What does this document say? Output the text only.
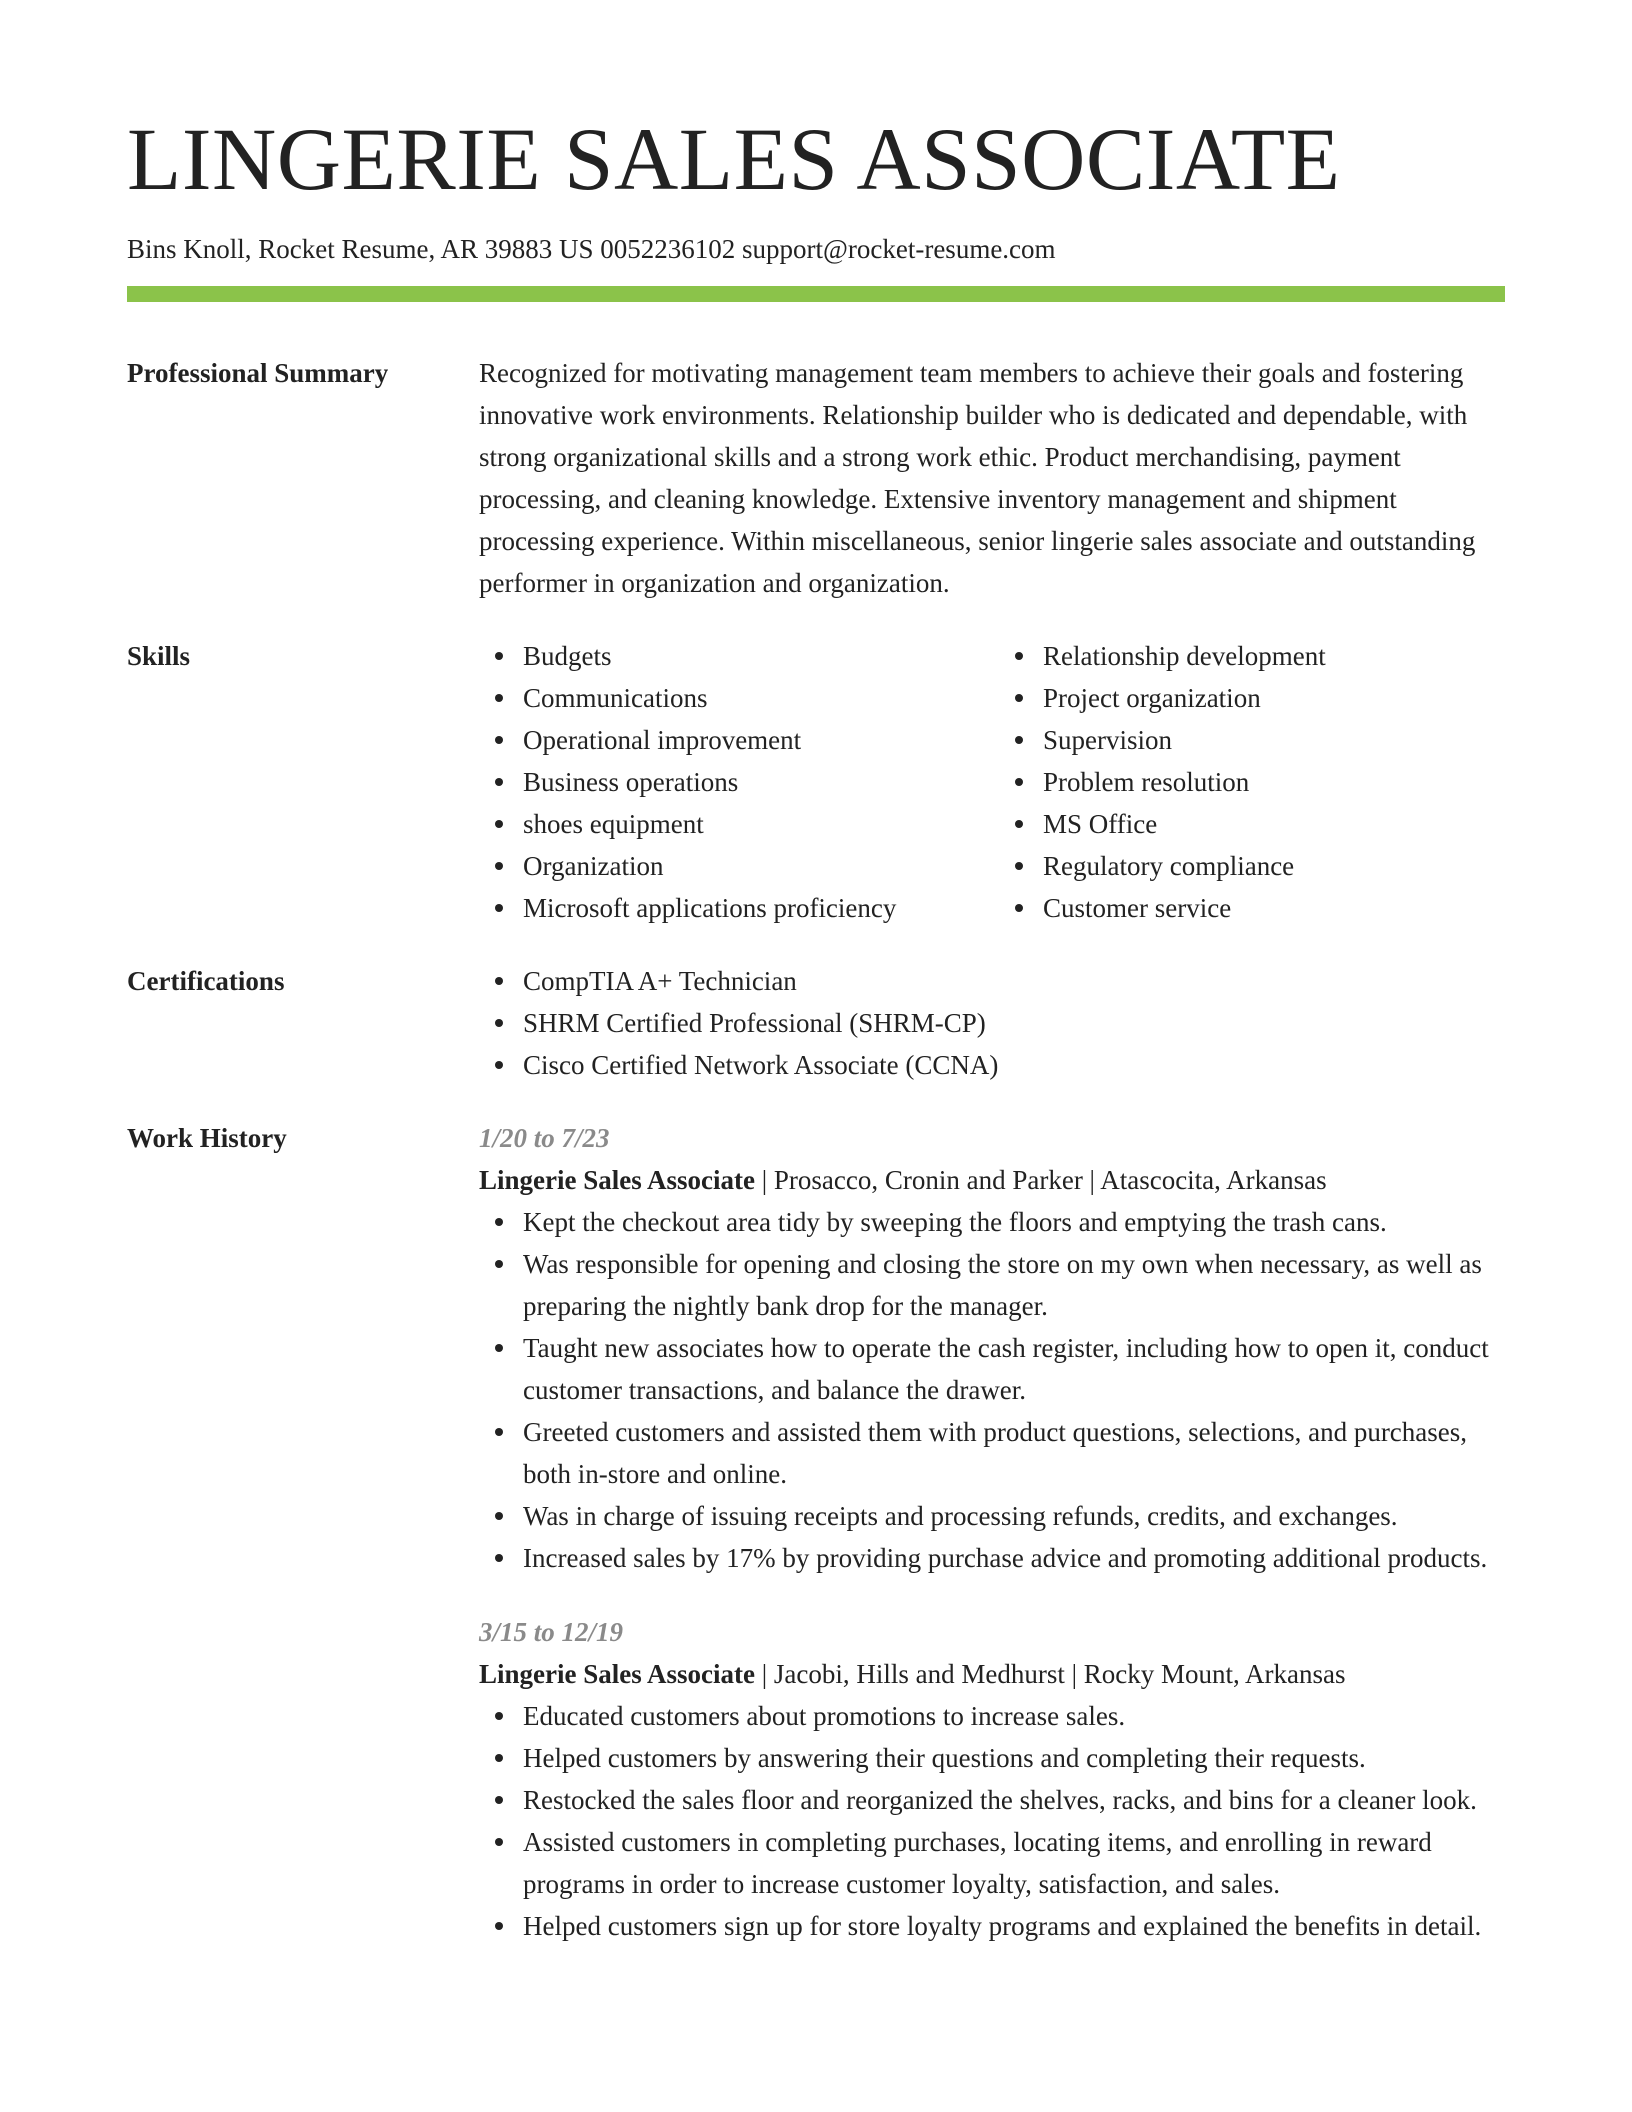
LINGERIE SALES ASSOCIATE
Bins Knoll, Rocket Resume, AR 39883 US 0052236102 support@rocket-resume.com
Professional Summary	Recognized for motivating management team members to achieve their goals and fostering innovative work environments. Relationship builder who is dedicated and dependable, with strong organizational skills and a strong work ethic. Product merchandising, payment processing, and cleaning knowledge. Extensive inventory management and shipment processing experience. Within miscellaneous, senior lingerie sales associate and outstanding performer in organization and organization.
Skills	Budgets
Communications
Operational improvement
Business operations
shoes equipment
Organization
Microsoft applications proficiency
Relationship development
Project organization
Supervision
Problem resolution
MS Office
Regulatory compliance
Customer service
Certifications	CompTIA A+ Technician
SHRM Certified Professional (SHRM-CP)
Cisco Certified Network Associate (CCNA)
Work History	1/20 to 7/23
Lingerie Sales Associate | Prosacco, Cronin and Parker | Atascocita, Arkansas
Kept the checkout area tidy by sweeping the floors and emptying the trash cans.
Was responsible for opening and closing the store on my own when necessary, as well as preparing the nightly bank drop for the manager.
Taught new associates how to operate the cash register, including how to open it, conduct customer transactions, and balance the drawer.
Greeted customers and assisted them with product questions, selections, and purchases, both in-store and online.
Was in charge of issuing receipts and processing refunds, credits, and exchanges.
Increased sales by 17% by providing purchase advice and promoting additional products.
3/15 to 12/19
Lingerie Sales Associate | Jacobi, Hills and Medhurst | Rocky Mount, Arkansas
Educated customers about promotions to increase sales.
Helped customers by answering their questions and completing their requests.
Restocked the sales floor and reorganized the shelves, racks, and bins for a cleaner look.
Assisted customers in completing purchases, locating items, and enrolling in reward programs in order to increase customer loyalty, satisfaction, and sales.
Helped customers sign up for store loyalty programs and explained the benefits in detail.
